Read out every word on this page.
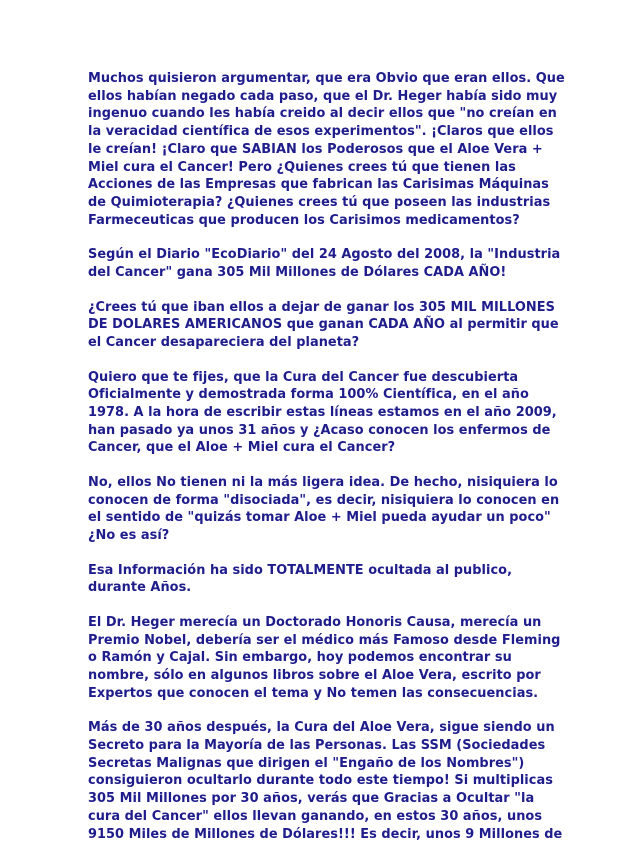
Muchos quisieron argumentar, que era Obvio que eran ellos. Que
ellos habían negado cada paso, que el Dr. Heger había sido muy
ingenuo cuando les había creido al decir ellos que "no creían en
la veracidad científica de esos experimentos". ¡Claros que ellos
le creían! ¡Claro que SABIAN los Poderosos que el Aloe Vera +
Miel cura el Cancer! Pero ¿Quienes crees tú que tienen las
Acciones de las Empresas que fabrican las Carisimas Máquinas
de Quimioterapia? ¿Quienes crees tú que poseen las industrias
Farmeceuticas que producen los Carisimos medicamentos?

Según el Diario "EcoDiario" del 24 Agosto del 2008, la "Industria
del Cancer" gana 305 Mil Millones de Dólares CADA AÑO!

¿Crees tú que iban ellos a dejar de ganar los 305 MIL MILLONES
DE DOLARES AMERICANOS que ganan CADA AÑO al permitir que
el Cancer desapareciera del planeta?

Quiero que te fijes, que la Cura del Cancer fue descubierta
Oficialmente y demostrada forma 100% Científica, en el año
1978. A la hora de escribir estas líneas estamos en el año 2009,
han pasado ya unos 31 años y ¿Acaso conocen los enfermos de
Cancer, que el Aloe + Miel cura el Cancer?

No, ellos No tienen ni la más ligera idea. De hecho, nisiquiera lo
conocen de forma "disociada", es decir, nisiquiera lo conocen en
el sentido de "quizás tomar Aloe + Miel pueda ayudar un poco"
¿No es así?

Esa Información ha sido TOTALMENTE ocultada al publico,
durante Años.

El Dr. Heger merecía un Doctorado Honoris Causa, merecía un
Premio Nobel, debería ser el médico más Famoso desde Fleming
o Ramón y Cajal. Sin embargo, hoy podemos encontrar su
nombre, sólo en algunos libros sobre el Aloe Vera, escrito por
Expertos que conocen el tema y No temen las consecuencias.

Más de 30 años después, la Cura del Aloe Vera, sigue siendo un
Secreto para la Mayoría de las Personas. Las SSM (Sociedades
Secretas Malignas que dirigen el "Engaño de los Nombres")
consiguieron ocultarlo durante todo este tiempo! Si multiplicas
305 Mil Millones por 30 años, verás que Gracias a Ocultar "la
cura del Cancer" ellos llevan ganando, en estos 30 años, unos
9150 Miles de Millones de Dólares!!! Es decir, unos 9 Millones de
